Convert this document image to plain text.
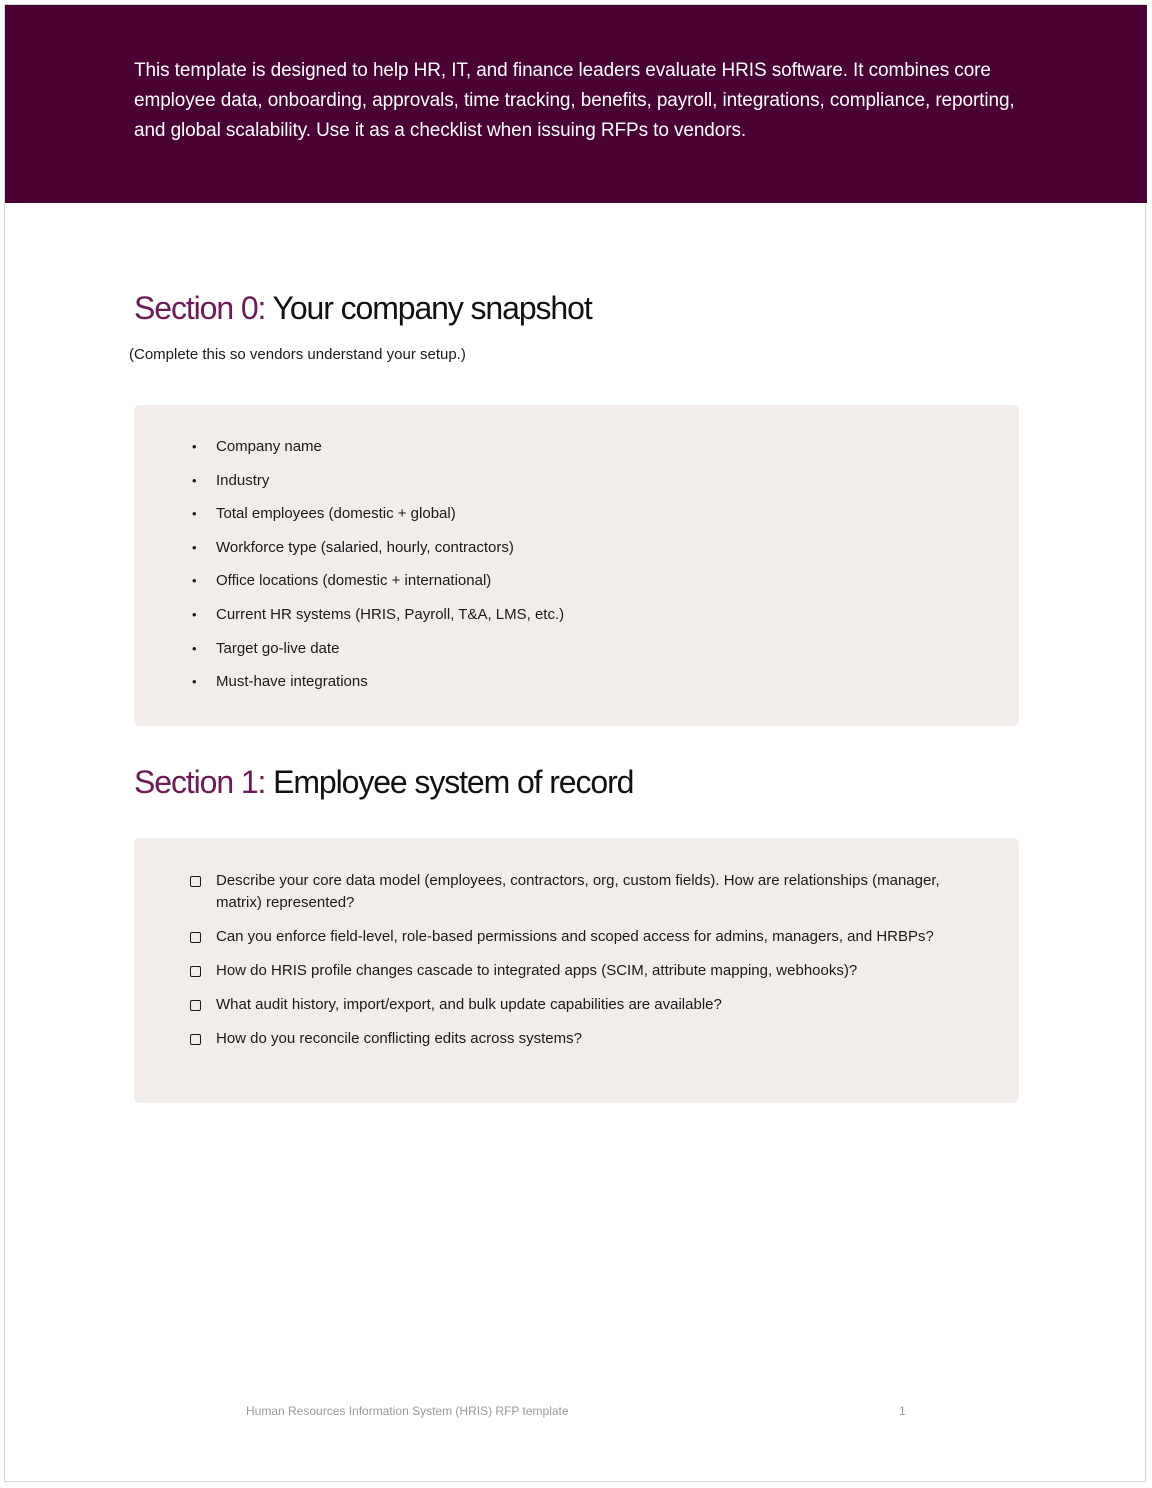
This template is designed to help HR, IT, and finance leaders evaluate HRIS software. It combines core employee data, onboarding, approvals, time tracking, benefits, payroll, integrations, compliance, reporting, and global scalability. Use it as a checklist when issuing RFPs to vendors.

Section 0: Your company snapshot

(Complete this so vendors understand your setup.)

• Company name
• Industry
• Total employees (domestic + global)
• Workforce type (salaried, hourly, contractors)
• Office locations (domestic + international)
• Current HR systems (HRIS, Payroll, T&A, LMS, etc.)
• Target go-live date
• Must-have integrations
Section 1: Employee system of record
Describe your core data model (employees, contractors, org, custom fields). How are relationships (manager, matrix) represented?
Can you enforce field-level, role-based permissions and scoped access for admins, managers, and HRBPs?
How do HRIS profile changes cascade to integrated apps (SCIM, attribute mapping, webhooks)?
What audit history, import/export, and bulk update capabilities are available?
How do you reconcile conflicting edits across systems?

Human Resources Information System (HRIS) RFP template	1
